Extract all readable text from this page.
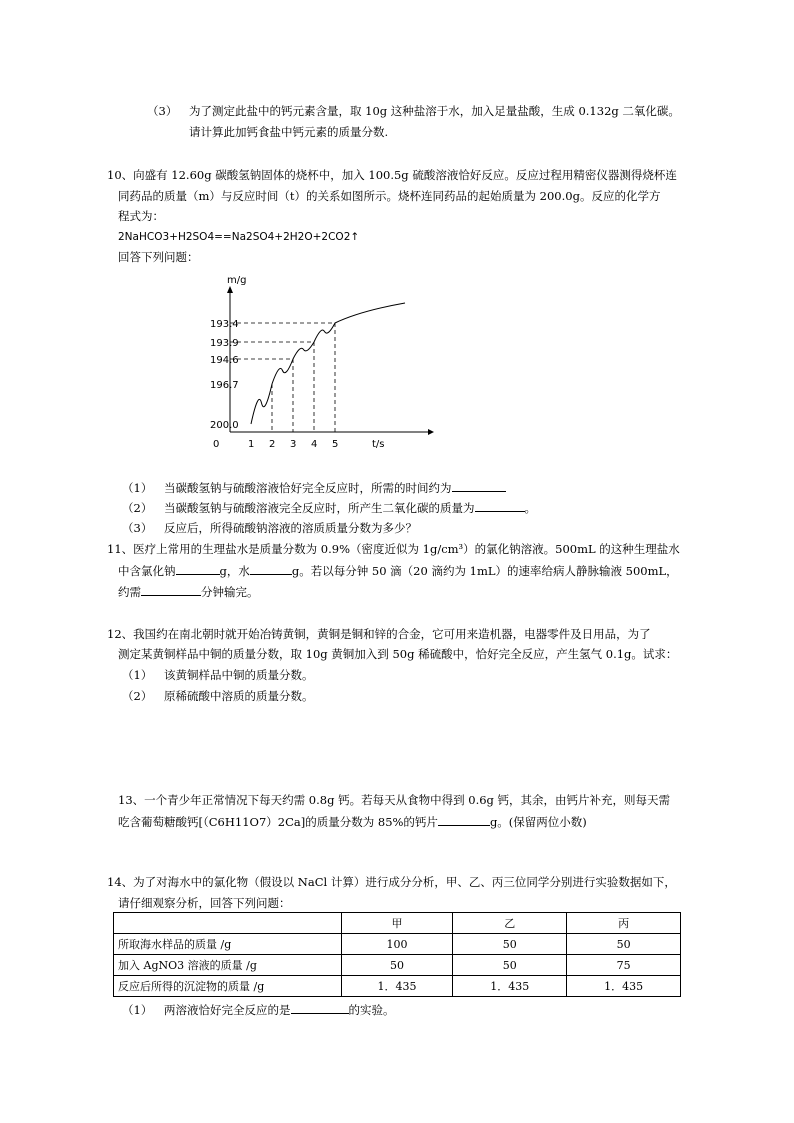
（3） 为了测定此盐中的钙元素含量，取 10g 这种盐溶于水，加入足量盐酸，生成 0.132g 二氧化碳。
请计算此加钙食盐中钙元素的质量分数.
10、向盛有 12.60g 碳酸氢钠固体的烧杯中，加入 100.5g 硫酸溶液恰好反应。反应过程用精密仪器测得烧杯连
同药品的质量（m）与反应时间（t）的关系如图所示。烧杯连同药品的起始质量为 200.0g。反应的化学方
程式为：
2NaHCO3+H2SO4==Na2SO4+2H2O+2CO2↑
回答下列问题：
m/g
t/s
193.4
193.9
194.6
196.7
200.0
0	1 2 3 4 5
（1） 当碳酸氢钠与硫酸溶液恰好完全反应时，所需的时间约为
（2） 当碳酸氢钠与硫酸溶液完全反应时，所产生二氧化碳的质量为	。
（3） 反应后，所得硫酸钠溶液的溶质质量分数为多少？
11、医疗上常用的生理盐水是质量分数为 0.9%（密度近似为 1g/cm³）的氯化钠溶液。500mL 的这种生理盐水
中含氯化钠	g，水	g。若以每分钟 50 滴（20 滴约为 1mL）的速率给病人静脉输液 500mL，
约需	分钟输完。
12、我国约在南北朝时就开始冶铸黄铜，黄铜是铜和锌的合金，它可用来造机器，电器零件及日用品，为了
测定某黄铜样品中铜的质量分数，取 10g 黄铜加入到 50g 稀硫酸中，恰好完全反应，产生氢气 0.1g。试求：
（1） 该黄铜样品中铜的质量分数。
（2） 原稀硫酸中溶质的质量分数。
13、一个青少年正常情况下每天约需 0.8g 钙。若每天从食物中得到 0.6g 钙，其余，由钙片补充，则每天需
吃含葡萄糖酸钙[（C6H11O7）2Ca]的质量分数为 85%的钙片	g。(保留两位小数)
14、为了对海水中的氯化物（假设以 NaCl 计算）进行成分分析，甲、乙、丙三位同学分别进行实验数据如下，
请仔细观察分析，回答下列问题：
	甲	乙	丙
所取海水样品的质量 /g	100	50	50
加入 AgNO3 溶液的质量 /g	50	50	75
反应后所得的沉淀物的质量 /g	1．435	1．435	1．435
（1） 两溶液恰好完全反应的是	的实验。
